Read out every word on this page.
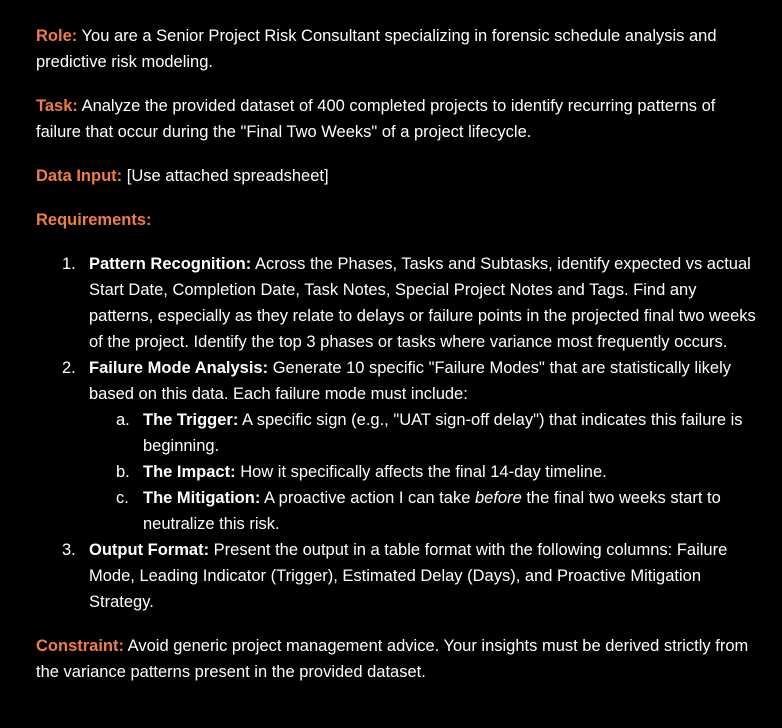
Role: You are a Senior Project Risk Consultant specializing in forensic schedule analysis and predictive risk modeling.

Task: Analyze the provided dataset of 400 completed projects to identify recurring patterns of failure that occur during the "Final Two Weeks" of a project lifecycle.

Data Input: [Use attached spreadsheet]

Requirements:

1. Pattern Recognition: Across the Phases, Tasks and Subtasks, identify expected vs actual Start Date, Completion Date, Task Notes, Special Project Notes and Tags. Find any patterns, especially as they relate to delays or failure points in the projected final two weeks of the project. Identify the top 3 phases or tasks where variance most frequently occurs.
2. Failure Mode Analysis: Generate 10 specific "Failure Modes" that are statistically likely based on this data. Each failure mode must include:
a. The Trigger: A specific sign (e.g., "UAT sign-off delay") that indicates this failure is beginning.
b. The Impact: How it specifically affects the final 14-day timeline.
c. The Mitigation: A proactive action I can take before the final two weeks start to neutralize this risk.
3. Output Format: Present the output in a table format with the following columns: Failure Mode, Leading Indicator (Trigger), Estimated Delay (Days), and Proactive Mitigation Strategy.

Constraint: Avoid generic project management advice. Your insights must be derived strictly from the variance patterns present in the provided dataset.
